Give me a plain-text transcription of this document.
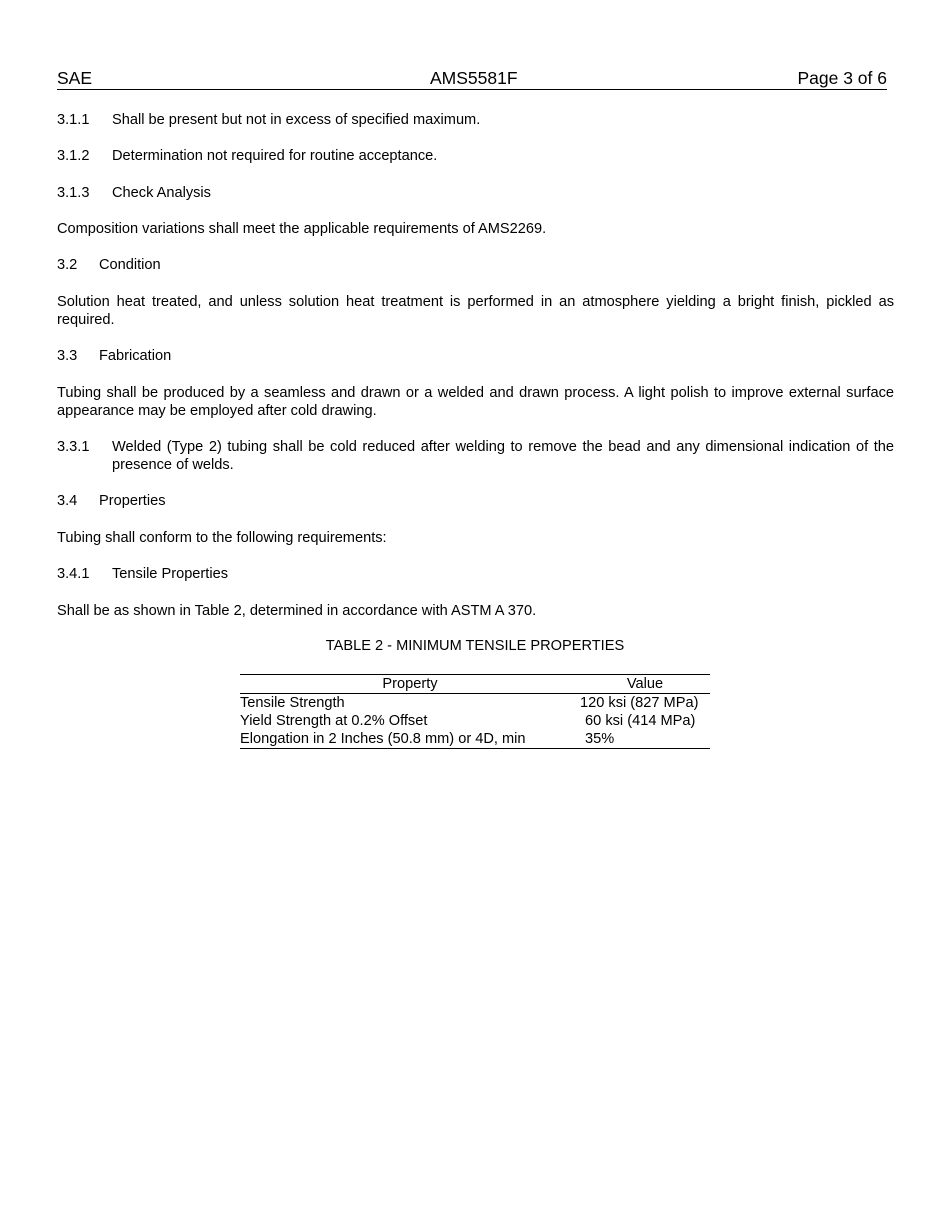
SAE	AMS5581F	Page 3 of 6
3.1.1 Shall be present but not in excess of specified maximum.
3.1.2 Determination not required for routine acceptance.
3.1.3 Check Analysis
Composition variations shall meet the applicable requirements of AMS2269.
3.2 Condition
Solution heat treated, and unless solution heat treatment is performed in an atmosphere yielding a bright finish, pickled as required.
3.3 Fabrication
Tubing shall be produced by a seamless and drawn or a welded and drawn process. A light polish to improve external surface appearance may be employed after cold drawing.
3.3.1 Welded (Type 2) tubing shall be cold reduced after welding to remove the bead and any dimensional indication of the presence of welds.
3.4 Properties
Tubing shall conform to the following requirements:
3.4.1 Tensile Properties
Shall be as shown in Table 2, determined in accordance with ASTM A 370.
TABLE 2 - MINIMUM TENSILE PROPERTIES
Property	Value
Tensile Strength	120 ksi (827 MPa)
Yield Strength at 0.2% Offset	60 ksi (414 MPa)
Elongation in 2 Inches (50.8 mm) or 4D, min	35%
